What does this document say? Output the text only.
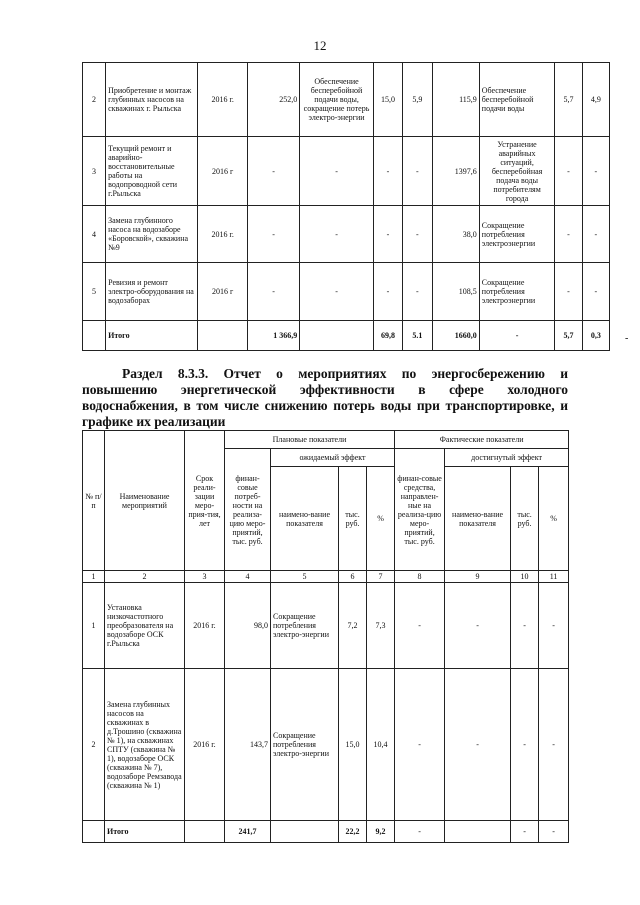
12
2	Приобретение и монтаж глубинных насосов на скважинах г. Рыльска	2016 г.	252,0	Обеспечение бесперебойной подачи воды, сокращение потерь электро-энергии	15,0	5,9	115,9	Обеспечение бесперебойной подачи воды	5,7	4,9
3	Текущий ремонт и аварийно-восстановительные работы на водопроводной сети г.Рыльска	2016 г	-	-	-	-	1397,6	Устранение аварийных ситуаций, бесперебойная подача воды потребителям города	-	-
4	Замена глубинного насоса на водозаборе «Боровской», скважина №9	2016 г.	-	-	-	-	38,0	Сокращение потребления электроэнергии	-	-
5	Ревизия и ремонт электро-оборудования на водозаборах	2016 г	-	-	-	-	108,5	Сокращение потребления электроэнергии	-	-
	Итого		1 366,9		69,8	5.1	1660,0	-	5,7	0,3 -
Раздел 8.3.3. Отчет о мероприятиях по энергосбережению и
повышению энергетической эффективности в сфере холодного
водоснабжения, в том числе снижению потерь воды при транспортировке, и
графике их реализации
№ п/п	Наименование мероприятий	Срок реали-зации меро-прия-тия, лет	Плановые показатели				Фактические показатели			
			финан-совые потреб-ности на реализа-цию меро-приятий, тыс. руб.	ожидаемый эффект			финан-совые средства, направлен-ные на реализа-цию меро-приятий, тыс. руб.	достигнутый эффект		
				наимено-вание показателя	тыс. руб.	%		наимено-вание показателя	тыс. руб.	%
1	2	3	4	5	6	7	8	9	10	11
1	Установка низкочастотного преобразователя на водозаборе ОСК г.Рыльска	2016 г.	98,0	Сокращение потребления электро-энергии	7,2	7,3	-	-	-	-
2	Замена глубинных насосов на скважинах в д.Трошино (скважина № 1), на скважинах СПТУ (скважина № 1), водозаборе ОСК (скважина № 7), водозаборе Ремзавода (скважина № 1)	2016 г.	143,7	Сокращение потребления электро-энергии	15,0	10,4	-	-	-	-
	Итого		241,7		22,2	9,2	-		-	-
